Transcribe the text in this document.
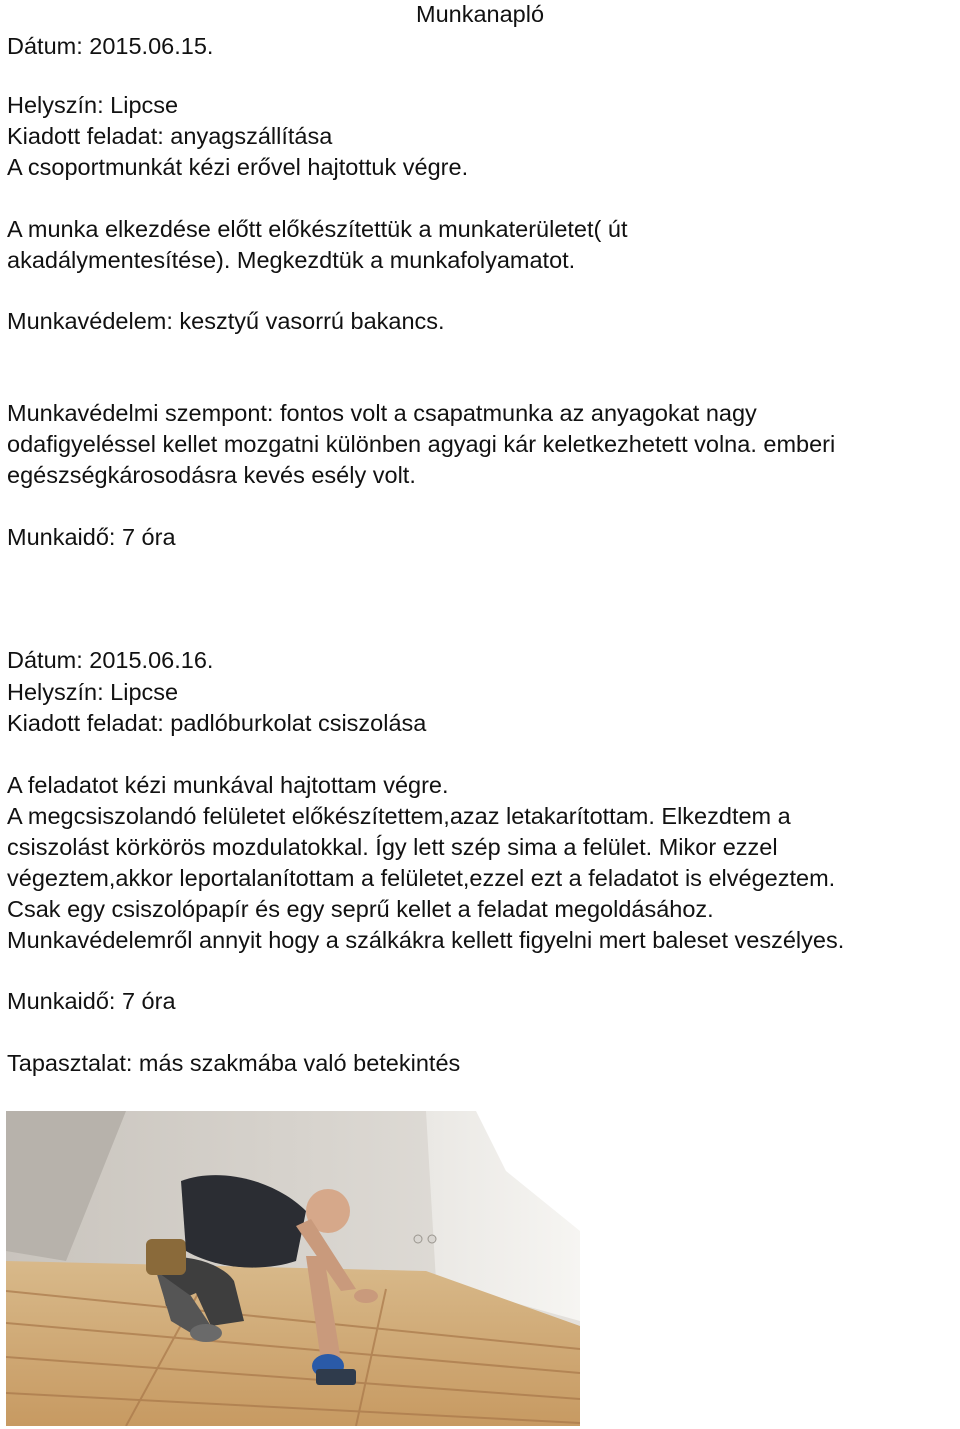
Munkanapló

Dátum: 2015.06.15.

Helyszín: Lipcse

Kiadott feladat: anyagszállítása

A csoportmunkát kézi erővel hajtottuk végre.

A munka elkezdése előtt előkészítettük a munkaterületet( út

akadálymentesítése). Megkezdtük a munkafolyamatot.

Munkavédelem: kesztyű vasorrú bakancs.

Munkavédelmi szempont: fontos volt a csapatmunka az anyagokat nagy

odafigyeléssel kellet mozgatni különben agyagi kár keletkezhetett volna. emberi

egészségkárosodásra kevés esély volt.

Munkaidő: 7 óra

Dátum: 2015.06.16.

Helyszín: Lipcse

Kiadott feladat: padlóburkolat csiszolása

A feladatot kézi munkával hajtottam végre.

A megcsiszolandó felületet előkészítettem,azaz letakarítottam. Elkezdtem a

csiszolást körkörös mozdulatokkal. Így lett szép sima a felület. Mikor ezzel

végeztem,akkor leportalanítottam a felületet,ezzel ezt a feladatot is elvégeztem.

Csak egy csiszolópapír és egy seprű kellet a feladat megoldásához.

Munkavédelemről annyit hogy a szálkákra kellett figyelni mert baleset veszélyes.

Munkaidő: 7 óra

Tapasztalat: más szakmába való betekintés
